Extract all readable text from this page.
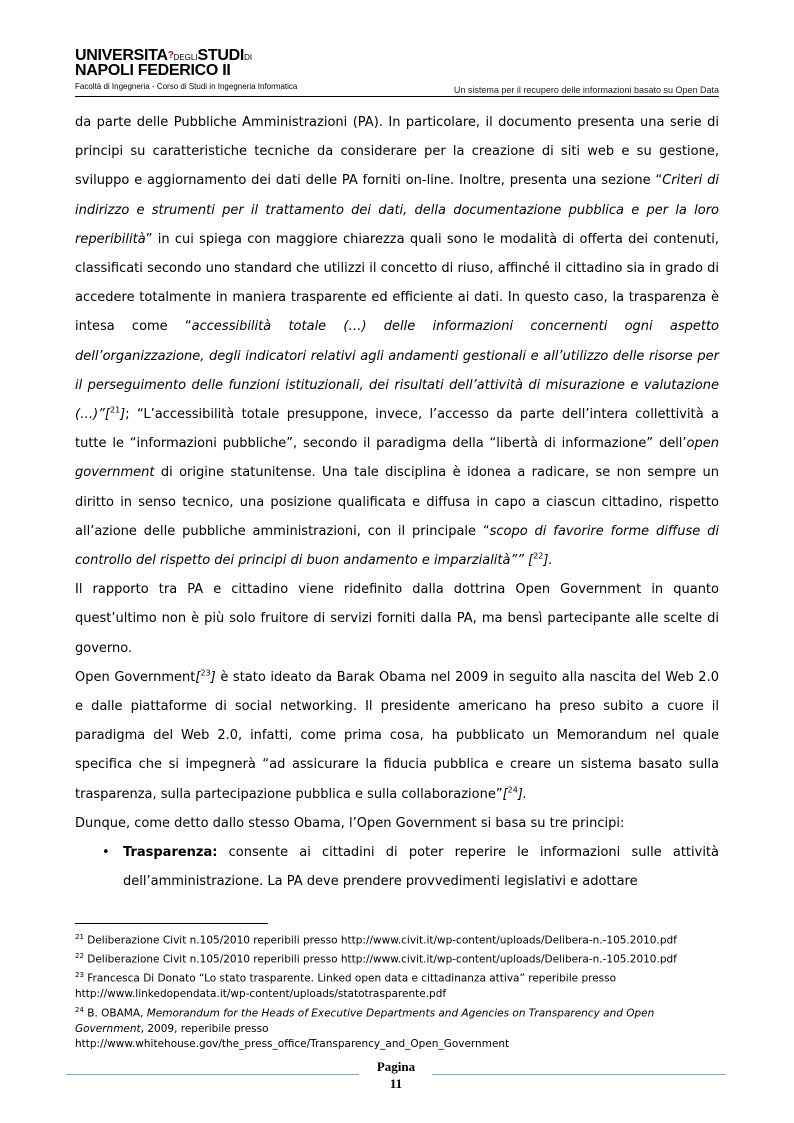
UNIVERSITA?DEGLISTUDIDI
NAPOLI FEDERICO II
Facoltà di Ingegneria - Corso di Studi in Ingegneria Informatica	Un sistema per il recupero delle informazioni basato su Open Data

da parte delle Pubbliche Amministrazioni (PA). In particolare, il documento presenta una serie di principi su caratteristiche tecniche da considerare per la creazione di siti web e su gestione, sviluppo e aggiornamento dei dati delle PA forniti on-line. Inoltre, presenta una sezione “Criteri di indirizzo e strumenti per il trattamento dei dati, della documentazione pubblica e per la loro reperibilità” in cui spiega con maggiore chiarezza quali sono le modalità di offerta dei contenuti, classificati secondo uno standard che utilizzi il concetto di riuso, affinché il cittadino sia in grado di accedere totalmente in maniera trasparente ed efficiente ai dati. In questo caso, la trasparenza è intesa come “accessibilità totale (…) delle informazioni concernenti ogni aspetto dell’organizzazione, degli indicatori relativi agli andamenti gestionali e all’utilizzo delle risorse per il perseguimento delle funzioni istituzionali, dei risultati dell’attività di misurazione e valutazione (…)”[$^{21}$]; “L’accessibilità totale presuppone, invece, l’accesso da parte dell’intera collettività a tutte le “informazioni pubbliche”, secondo il paradigma della “libertà di informazione” dell’open government di origine statunitense. Una tale disciplina è idonea a radicare, se non sempre un diritto in senso tecnico, una posizione qualificata e diffusa in capo a ciascun cittadino, rispetto all’azione delle pubbliche amministrazioni, con il principale “scopo di favorire forme diffuse di controllo del rispetto dei principi di buon andamento e imparzialità”” [$^{22}$].

Il rapporto tra PA e cittadino viene ridefinito dalla dottrina Open Government in quanto quest’ultimo non è più solo fruitore di servizi forniti dalla PA, ma bensì partecipante alle scelte di governo.

Open Government[$^{23}$] è stato ideato da Barak Obama nel 2009 in seguito alla nascita del Web 2.0 e dalle piattaforme di social networking. Il presidente americano ha preso subito a cuore il paradigma del Web 2.0, infatti, come prima cosa, ha pubblicato un Memorandum nel quale specifica che si impegnerà “ad assicurare la fiducia pubblica e creare un sistema basato sulla trasparenza, sulla partecipazione pubblica e sulla collaborazione”[$^{24}$].

Dunque, come detto dallo stesso Obama, l’Open Government si basa su tre principi:

• Trasparenza: consente ai cittadini di poter reperire le informazioni sulle attività dell’amministrazione. La PA deve prendere provvedimenti legislativi e adottare

$^{21}$ Deliberazione Civit n.105/2010 reperibili presso http://www.civit.it/wp-content/uploads/Delibera-n.-105.2010.pdf

$^{22}$ Deliberazione Civit n.105/2010 reperibili presso http://www.civit.it/wp-content/uploads/Delibera-n.-105.2010.pdf

$^{23}$ Francesca Di Donato “Lo stato trasparente. Linked open data e cittadinanza attiva” reperibile presso http://www.linkedopendata.it/wp-content/uploads/statotrasparente.pdf

$^{24}$ B. OBAMA, Memorandum for the Heads of Executive Departments and Agencies on Transparency and Open Government, 2009, reperibile presso
http://www.whitehouse.gov/the_press_office/Transparency_and_Open_Government

Pagina
11
